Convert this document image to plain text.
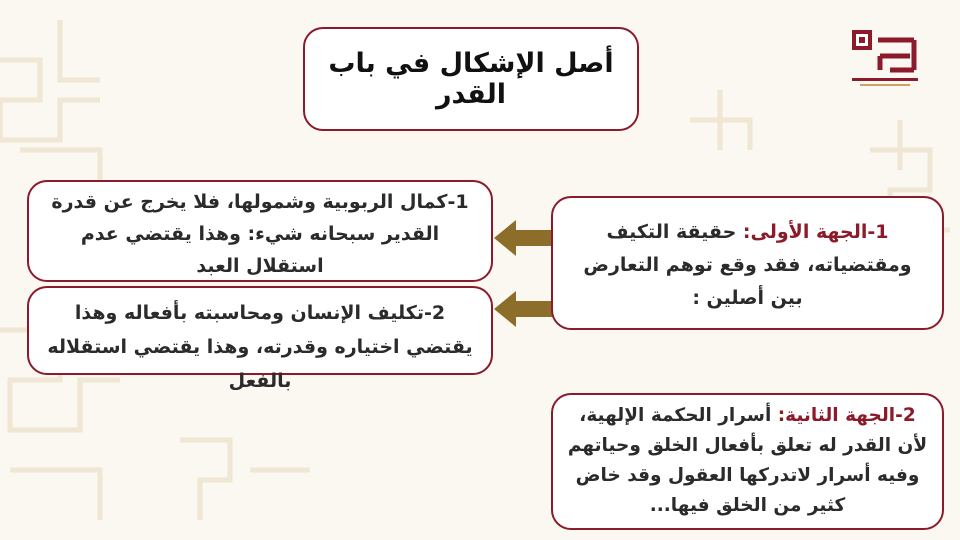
أصل الإشكال في باب القدر
1-كمال الربوبية وشمولها، فلا يخرج عن قدرة القدير سبحانه شيء: وهذا يقتضي عدم استقلال العبد
2-تكليف الإنسان ومحاسبته بأفعاله وهذا يقتضي اختياره وقدرته، وهذا يقتضي استقلاله بالفعل
1-الجهة الأولى: حقيقة التكيف ومقتضياته، فقد وقع توهم التعارض بين أصلين :
2-الجهة الثانية: أسرار الحكمة الإلهية، لأن القدر له تعلق بأفعال الخلق وحياتهم وفيه أسرار لاتدركها العقول وقد خاض كثير من الخلق فيها...
